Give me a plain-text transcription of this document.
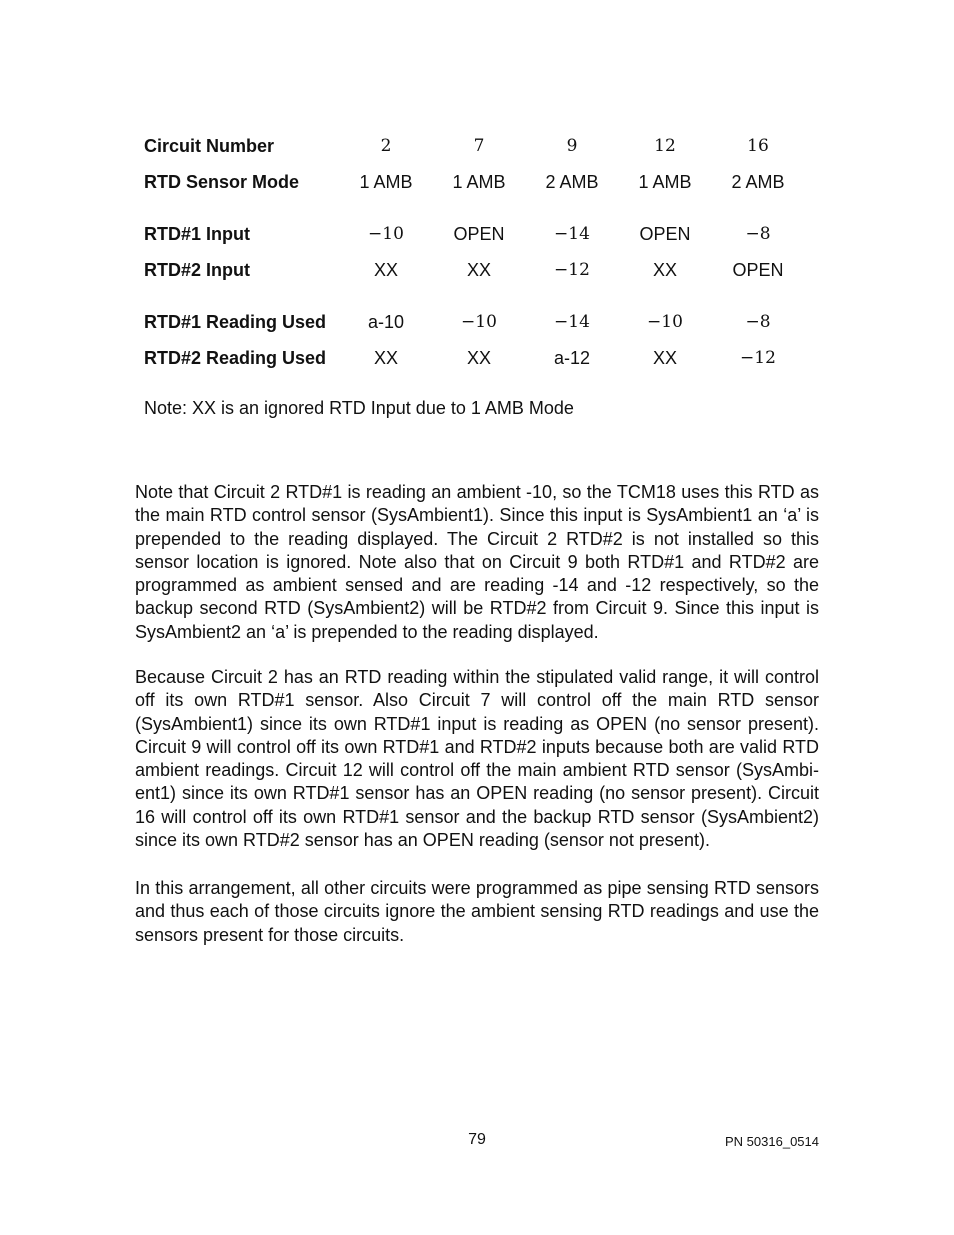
Circuit Number	2	7	9	12	16
RTD Sensor Mode	1 AMB	1 AMB	2 AMB	1 AMB	2 AMB
RTD#1 Input	−10	OPEN	−14	OPEN	−8
RTD#2 Input	XX	XX	−12	XX	OPEN
RTD#1 Reading Used	a-10	−10	−14	−10	−8
RTD#2 Reading Used	XX	XX	a-12	XX	−12
Note: XX is an ignored RTD Input due to 1 AMB Mode

Note that Circuit 2 RTD#1 is reading an ambient -10, so the TCM18 uses this RTD as the main RTD control sensor (SysAmbient1). Since this input is SysAmbient1 an ‘a’ is prepended to the reading displayed. The Circuit 2 RTD#2 is not installed so this sensor location is ignored. Note also that on Circuit 9 both RTD#1 and RTD#2 are programmed as ambient sensed and are reading -14 and -12 respectively, so the backup second RTD (SysAmbient2) will be RTD#2 from Circuit 9. Since this input is SysAmbient2 an ‘a’ is prepended to the reading displayed.

Because Circuit 2 has an RTD reading within the stipulated valid range, it will control off its own RTD#1 sensor. Also Circuit 7 will control off the main RTD sensor (SysAmbient1) since its own RTD#1 input is reading as OPEN (no sensor present). Circuit 9 will control off its own RTD#1 and RTD#2 inputs because both are valid RTD ambient readings. Circuit 12 will control off the main ambient RTD sensor (SysAmbient1) since its own RTD#1 sensor has an OPEN reading (no sensor present). Circuit 16 will control off its own RTD#1 sensor and the backup RTD sensor (SysAmbient2) since its own RTD#2 sensor has an OPEN reading (sensor not present).

In this arrangement, all other circuits were programmed as pipe sensing RTD sensors and thus each of those circuits ignore the ambient sensing RTD readings and use the sensors present for those circuits.

79	PN 50316_0514
